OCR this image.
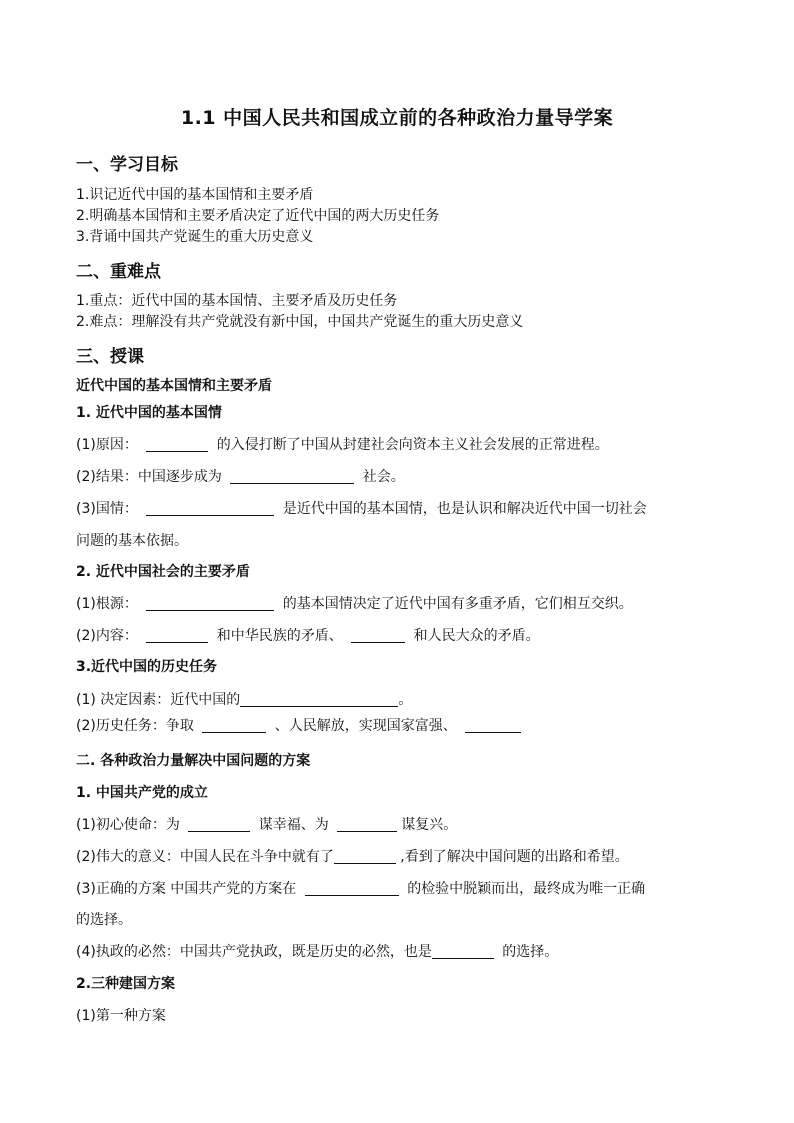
1.1 中国人民共和国成立前的各种政治力量导学案
一、学习目标
1.识记近代中国的基本国情和主要矛盾
2.明确基本国情和主要矛盾决定了近代中国的两大历史任务
3.背诵中国共产党诞生的重大历史意义
二、重难点
1.重点：近代中国的基本国情、主要矛盾及历史任务
2.难点：理解没有共产党就没有新中国，中国共产党诞生的重大历史意义
三、授课
近代中国的基本国情和主要矛盾
1. 近代中国的基本国情
(1)原因：	的入侵打断了中国从封建社会向资本主义社会发展的正常进程。
(2)结果：中国逐步成为	社会。
(3)国情：	是近代中国的基本国情，也是认识和解决近代中国一切社会
问题的基本依据。
2. 近代中国社会的主要矛盾
(1)根源：	的基本国情决定了近代中国有多重矛盾，它们相互交织。
(2)内容：	和中华民族的矛盾、	和人民大众的矛盾。
3.近代中国的历史任务
(1) 决定因素：近代中国的	。
(2)历史任务：争取	、人民解放，实现国家富强、
二. 各种政治力量解决中国问题的方案
1. 中国共产党的成立
(1)初心使命：为	谋幸福、为	谋复兴。
(2)伟大的意义：中国人民在斗争中就有了	,看到了解决中国问题的出路和希望。
(3)正确的方案 中国共产党的方案在	的检验中脱颖而出，最终成为唯一正确
的选择。
(4)执政的必然：中国共产党执政，既是历史的必然，也是	的选择。
2.三种建国方案
(1)第一种方案
